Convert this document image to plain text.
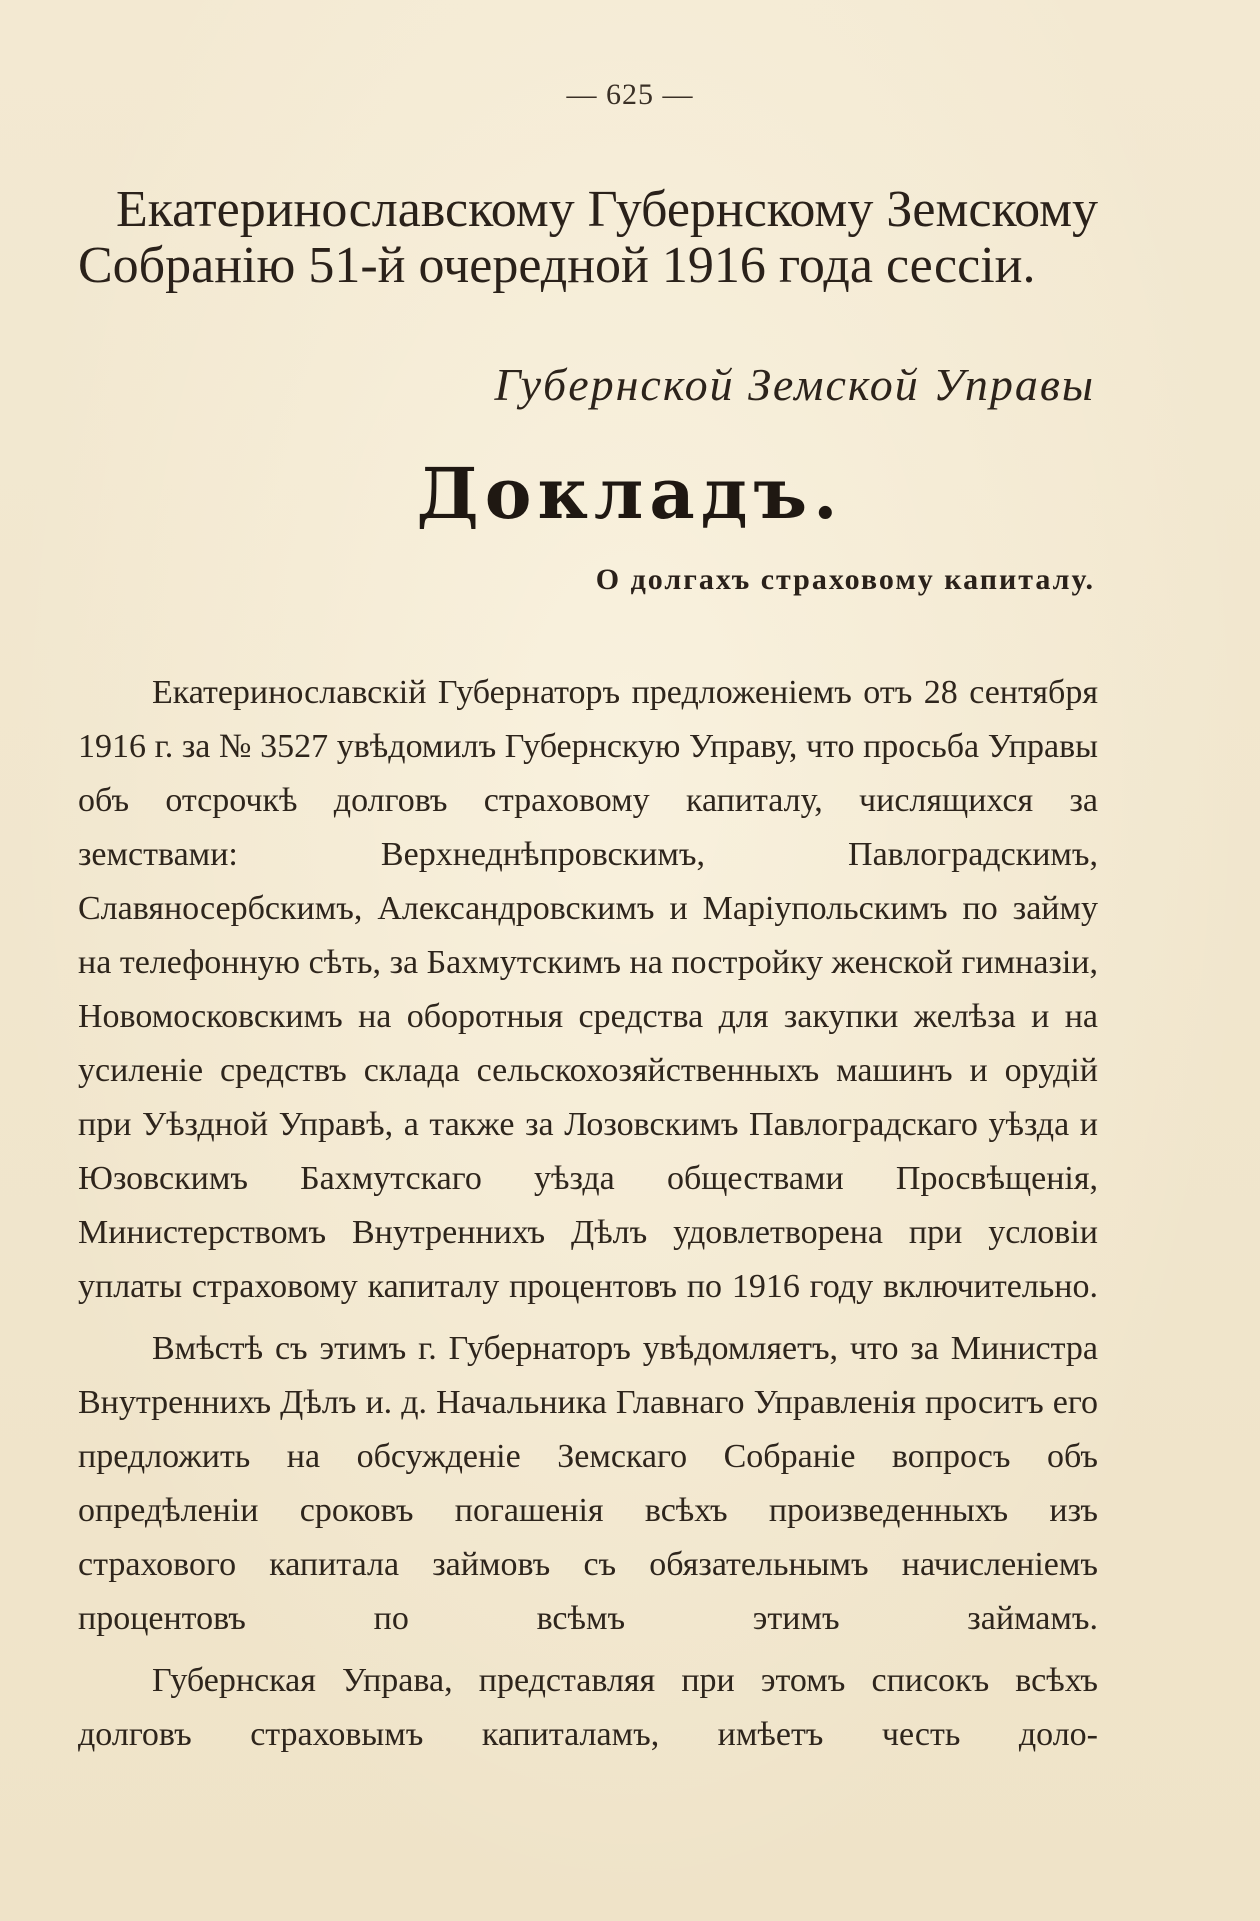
— 625 —
Екатеринославскому Губернскому Земскому
Собранію 51-й очередной 1916 года сессіи.
Губернской Земской Управы
Докладъ.
О долгахъ страховому капиталу.

Екатеринославскій Губернаторъ предложеніемъ отъ 28 сентября 1916 г. за № 3527 увѣдомилъ Губернскую Управу, что просьба Управы объ отсрочкѣ долговъ страховому капиталу, числящихся за земствами: Верхнеднѣпровскимъ, Павлоградскимъ, Славяносербскимъ, Александровскимъ и Маріупольскимъ по займу на телефонную сѣть, за Бахмутскимъ на постройку женской гимназіи, Новомосковскимъ на оборотныя средства для закупки желѣза и на усиленіе средствъ склада сельскохозяйственныхъ машинъ и орудій при Уѣздной Управѣ, а также за Лозовскимъ Павлоградскаго уѣзда и Юзовскимъ Бахмутскаго уѣзда обществами Просвѣщенія, Министерствомъ Внутреннихъ Дѣлъ удовлетворена при условіи уплаты страховому капиталу процентовъ по 1916 году включительно.

Вмѣстѣ съ этимъ г. Губернаторъ увѣдомляетъ, что за Министра Внутреннихъ Дѣлъ и. д. Начальника Главнаго Управленія проситъ его предложить на обсужденіе Земскаго Собраніе вопросъ объ опредѣленіи сроковъ погашенія всѣхъ произведенныхъ изъ страхового капитала займовъ съ обязательнымъ начисленіемъ процентовъ по всѣмъ этимъ займамъ.

Губернская Управа, представляя при этомъ списокъ всѣхъ долговъ страховымъ капиталамъ, имѣетъ честь доло-
